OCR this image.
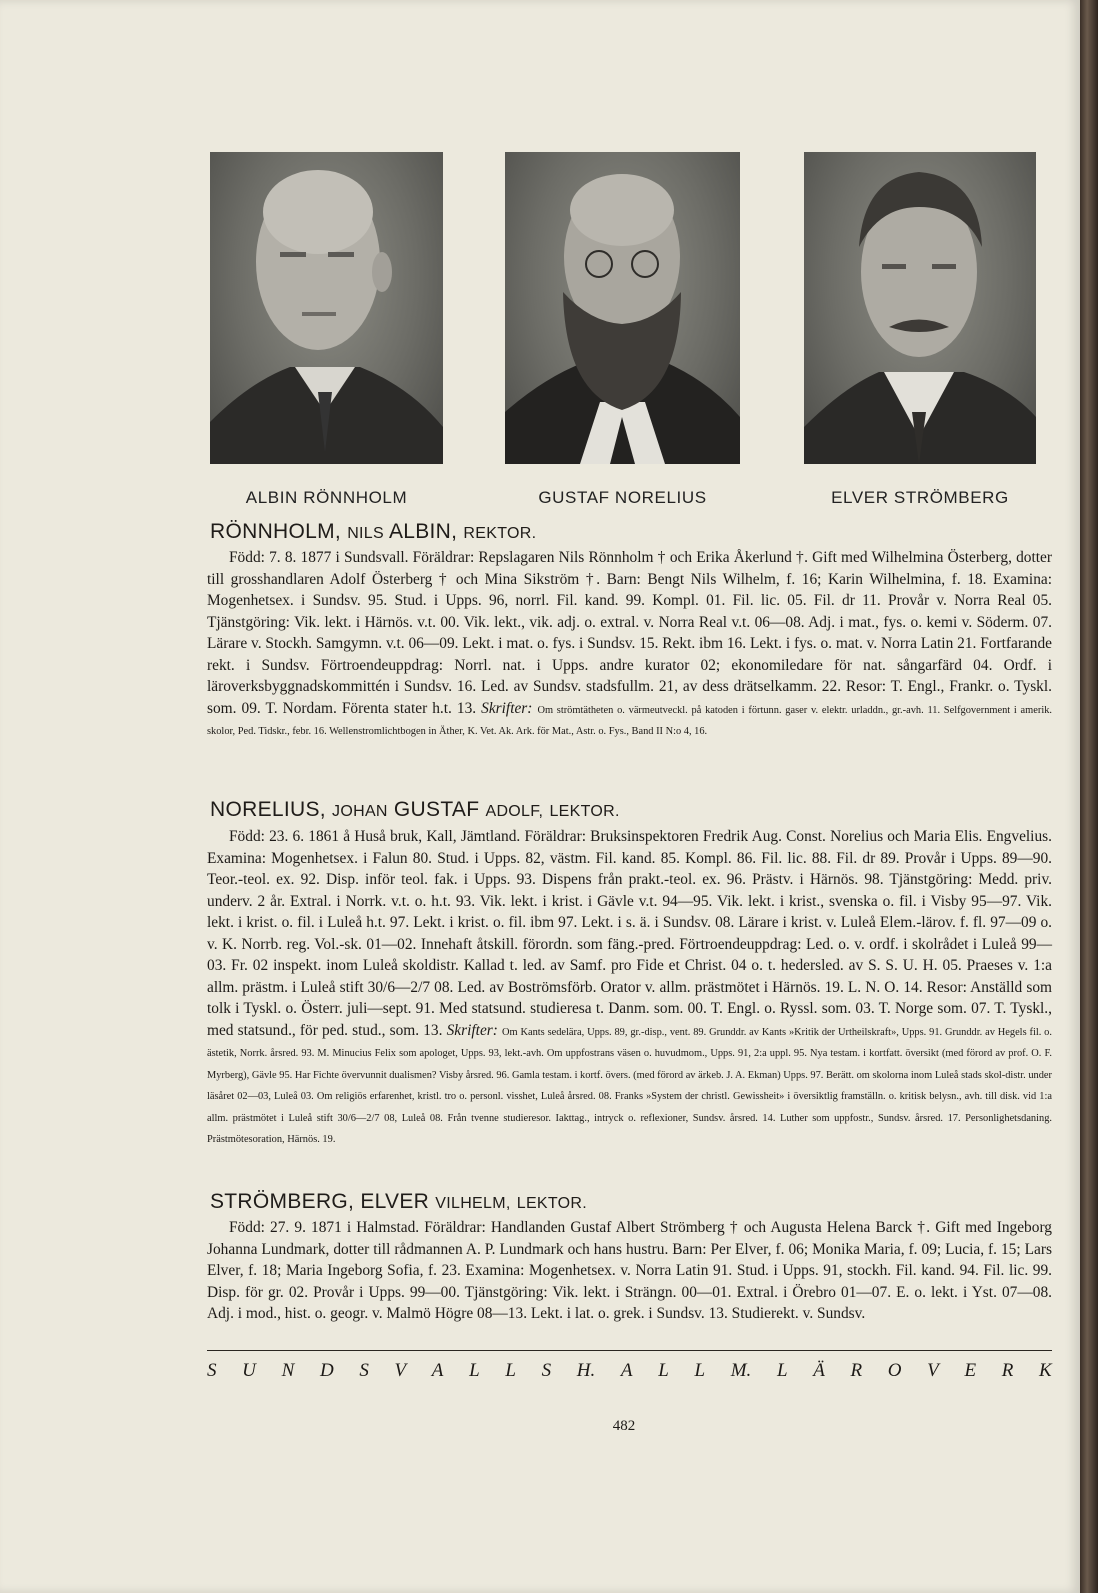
ALBIN RÖNNHOLM	GUSTAF NORELIUS	ELVER STRÖMBERG
RÖNNHOLM, NILS ALBIN, REKTOR.
Född: 7. 8. 1877 i Sundsvall. Föräldrar: Repslagaren Nils Rönnholm † och Erika Åkerlund †. Gift med Wilhelmina Österberg, dotter till grosshandlaren Adolf Österberg † och Mina Sikström †. Barn: Bengt Nils Wilhelm, f. 16; Karin Wilhelmina, f. 18. Examina: Mogenhetsex. i Sundsv. 95. Stud. i Upps. 96, norrl. Fil. kand. 99. Kompl. 01. Fil. lic. 05. Fil. dr 11. Provår v. Norra Real 05. Tjänstgöring: Vik. lekt. i Härnös. v.t. 00. Vik. lekt., vik. adj. o. extral. v. Norra Real v.t. 06—08. Adj. i mat., fys. o. kemi v. Söderm. 07. Lärare v. Stockh. Samgymn. v.t. 06—09. Lekt. i mat. o. fys. i Sundsv. 15. Rekt. ibm 16. Lekt. i fys. o. mat. v. Norra Latin 21. Fortfarande rekt. i Sundsv. Förtroendeuppdrag: Norrl. nat. i Upps. andre kurator 02; ekonomiledare för nat. sångarfärd 04. Ordf. i läroverksbyggnadskommittén i Sundsv. 16. Led. av Sundsv. stadsfullm. 21, av dess drätselkamm. 22. Resor: T. Engl., Frankr. o. Tyskl. som. 09. T. Nordam. Förenta stater h.t. 13. Skrifter: Om strömtätheten o. värmeutveckl. på katoden i förtunn. gaser v. elektr. urladdn., gr.-avh. 11. Selfgovernment i amerik. skolor, Ped. Tidskr., febr. 16. Wellenstromlichtbogen in Äther, K. Vet. Ak. Ark. för Mat., Astr. o. Fys., Band II N:o 4, 16.
NORELIUS, JOHAN GUSTAF ADOLF, LEKTOR.
Född: 23. 6. 1861 å Huså bruk, Kall, Jämtland. Föräldrar: Bruksinspektoren Fredrik Aug. Const. Norelius och Maria Elis. Engvelius. Examina: Mogenhetsex. i Falun 80. Stud. i Upps. 82, västm. Fil. kand. 85. Kompl. 86. Fil. lic. 88. Fil. dr 89. Provår i Upps. 89—90. Teor.-teol. ex. 92. Disp. inför teol. fak. i Upps. 93. Dispens från prakt.-teol. ex. 96. Prästv. i Härnös. 98. Tjänstgöring: Medd. priv. underv. 2 år. Extral. i Norrk. v.t. o. h.t. 93. Vik. lekt. i krist. i Gävle v.t. 94—95. Vik. lekt. i krist., svenska o. fil. i Visby 95—97. Vik. lekt. i krist. o. fil. i Luleå h.t. 97. Lekt. i krist. o. fil. ibm 97. Lekt. i s. ä. i Sundsv. 08. Lärare i krist. v. Luleå Elem.-lärov. f. fl. 97—09 o. v. K. Norrb. reg. Vol.-sk. 01—02. Innehaft åtskill. förordn. som fäng.-pred. Förtroendeuppdrag: Led. o. v. ordf. i skolrådet i Luleå 99—03. Fr. 02 inspekt. inom Luleå skoldistr. Kallad t. led. av Samf. pro Fide et Christ. 04 o. t. hedersled. av S. S. U. H. 05. Praeses v. 1:a allm. prästm. i Luleå stift 30/6—2/7 08. Led. av Boströmsförb. Orator v. allm. prästmötet i Härnös. 19. L. N. O. 14. Resor: Anställd som tolk i Tyskl. o. Österr. juli—sept. 91. Med statsund. studieresa t. Danm. som. 00. T. Engl. o. Ryssl. som. 03. T. Norge som. 07. T. Tyskl., med statsund., för ped. stud., som. 13. Skrifter: Om Kants sedelära, Upps. 89, gr.-disp., vent. 89. Grunddr. av Kants »Kritik der Urtheilskraft», Upps. 91. Grunddr. av Hegels fil. o. ästetik, Norrk. årsred. 93. M. Minucius Felix som apologet, Upps. 93, lekt.-avh. Om uppfostrans väsen o. huvudmom., Upps. 91, 2:a uppl. 95. Nya testam. i kortfatt. översikt (med förord av prof. O. F. Myrberg), Gävle 95. Har Fichte övervunnit dualismen? Visby årsred. 96. Gamla testam. i kortf. övers. (med förord av ärkeb. J. A. Ekman) Upps. 97. Berätt. om skolorna inom Luleå stads skol-distr. under läsåret 02—03, Luleå 03. Om religiös erfarenhet, kristl. tro o. personl. visshet, Luleå årsred. 08. Franks »System der christl. Gewissheit» i översiktlig framställn. o. kritisk belysn., avh. till disk. vid 1:a allm. prästmötet i Luleå stift 30/6—2/7 08, Luleå 08. Från tvenne studieresor. Iakttag., intryck o. reflexioner, Sundsv. årsred. 14. Luther som uppfostr., Sundsv. årsred. 17. Personlighetsdaning. Prästmötesoration, Härnös. 19.
STRÖMBERG, ELVER VILHELM, LEKTOR.
Född: 27. 9. 1871 i Halmstad. Föräldrar: Handlanden Gustaf Albert Strömberg † och Augusta Helena Barck †. Gift med Ingeborg Johanna Lundmark, dotter till rådmannen A. P. Lundmark och hans hustru. Barn: Per Elver, f. 06; Monika Maria, f. 09; Lucia, f. 15; Lars Elver, f. 18; Maria Ingeborg Sofia, f. 23. Examina: Mogenhetsex. v. Norra Latin 91. Stud. i Upps. 91, stockh. Fil. kand. 94. Fil. lic. 99. Disp. för gr. 02. Provår i Upps. 99—00. Tjänstgöring: Vik. lekt. i Strängn. 00—01. Extral. i Örebro 01—07. E. o. lekt. i Yst. 07—08. Adj. i mod., hist. o. geogr. v. Malmö Högre 08—13. Lekt. i lat. o. grek. i Sundsv. 13. Studierekt. v. Sundsv.
S U N D S V A L L S H. A L L M. L Ä R O V E R K
482
